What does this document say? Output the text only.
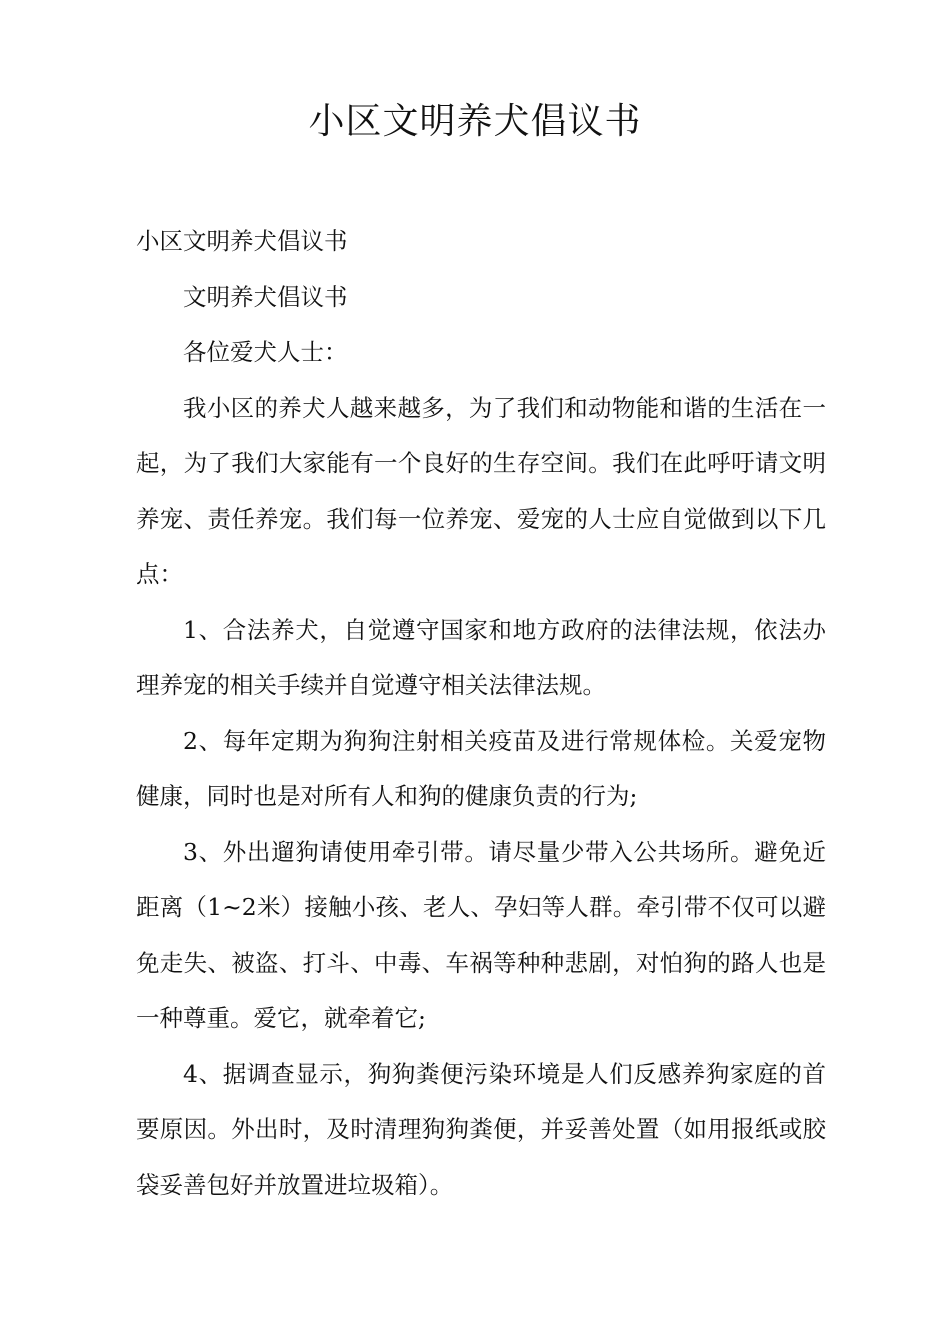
小区文明养犬倡议书

小区文明养犬倡议书

文明养犬倡议书

各位爱犬人士：

我小区的养犬人越来越多，为了我们和动物能和谐的生活在一起，为了我们大家能有一个良好的生存空间。我们在此呼吁请文明养宠、责任养宠。我们每一位养宠、爱宠的人士应自觉做到以下几点：

1、合法养犬，自觉遵守国家和地方政府的法律法规，依法办理养宠的相关手续并自觉遵守相关法律法规。

2、每年定期为狗狗注射相关疫苗及进行常规体检。关爱宠物健康，同时也是对所有人和狗的健康负责的行为;

3、外出遛狗请使用牵引带。请尽量少带入公共场所。避免近距离（1~2米）接触小孩、老人、孕妇等人群。牵引带不仅可以避免走失、被盗、打斗、中毒、车祸等种种悲剧，对怕狗的路人也是一种尊重。爱它，就牵着它;

4、据调查显示，狗狗粪便污染环境是人们反感养狗家庭的首要原因。外出时，及时清理狗狗粪便，并妥善处置（如用报纸或胶袋妥善包好并放置进垃圾箱）。
